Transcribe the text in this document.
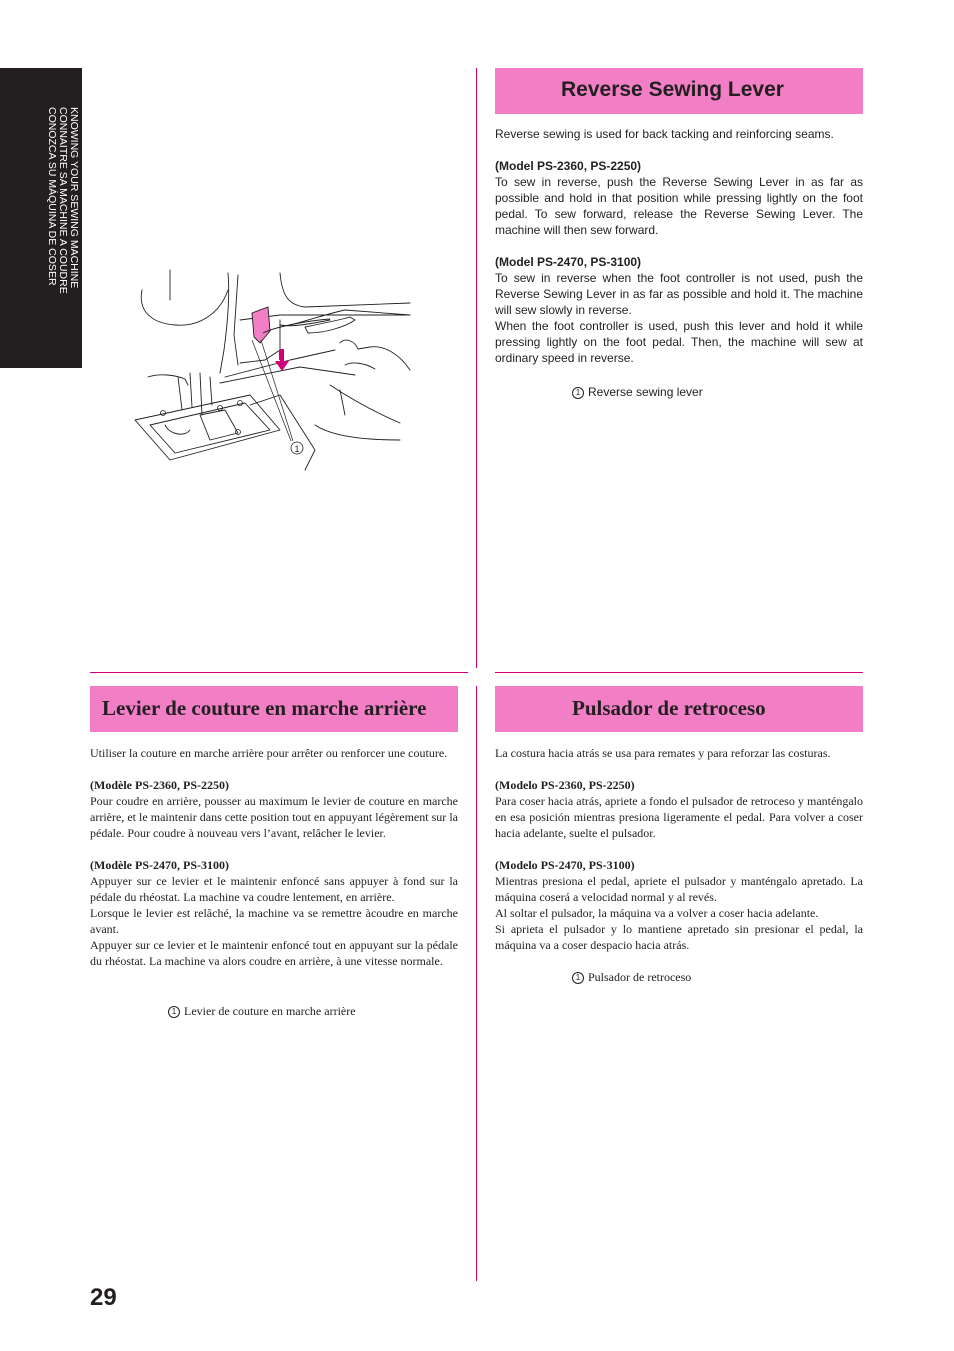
KNOWING YOUR SEWING MACHINE
CONNAITRE SA MACHINE A COUDRE
CONOZCA SU MÁQUINA DE COSER
1
Reverse Sewing Lever

Reverse sewing is used for back tacking and reinforcing seams.

(Model PS-2360, PS-2250)

To sew in reverse, push the Reverse Sewing Lever in as far as possible and hold in that position while pressing lightly on the foot pedal. To sew forward, release the Reverse Sewing Lever. The machine will then sew forward.

(Model PS-2470, PS-3100)

To sew in reverse when the foot controller is not used, push the Reverse Sewing Lever in as far as possible and hold it. The machine will sew slowly in reverse.

When the foot controller is used, push this lever and hold it while pressing lightly on the foot pedal. Then, the machine will sew at ordinary speed in reverse.

1 Reverse sewing lever
Levier de couture en marche arrière

Utiliser la couture en marche arrière pour arrêter ou renforcer une couture.

(Modèle PS-2360, PS-2250)

Pour coudre en arrière, pousser au maximum le levier de couture en marche arrière, et le maintenir dans cette position tout en appuyant légèrement sur la pédale. Pour coudre à nouveau vers l’avant, relâcher le levier.

(Modèle PS-2470, PS-3100)

Appuyer sur ce levier et le maintenir enfoncé sans appuyer à fond sur la pédale du rhéostat. La machine va coudre lentement, en arrière.

Lorsque le levier est relâché, la machine va se remettre àcoudre en marche avant.

Appuyer sur ce levier et le maintenir enfoncé tout en appuyant sur la pédale du rhéostat. La machine va alors coudre en arrière, à une vitesse normale.

1 Levier de couture en marche arrière
Pulsador de retroceso

La costura hacia atrás se usa para remates y para reforzar las costuras.

(Modelo PS-2360, PS-2250)

Para coser hacia atrás, apriete a fondo el pulsador de retroceso y manténgalo en esa posición mientras presiona ligeramente el pedal. Para volver a coser hacia adelante, suelte el pulsador.

(Modelo PS-2470, PS-3100)

Mientras presiona el pedal, apriete el pulsador y manténgalo apretado. La máquina coserá a velocidad normal y al revés.

Al soltar el pulsador, la máquina va a volver a coser hacia adelante.

Si aprieta el pulsador y lo mantiene apretado sin presionar el pedal, la máquina va a coser despacio hacia atrás.

1 Pulsador de retroceso
29
